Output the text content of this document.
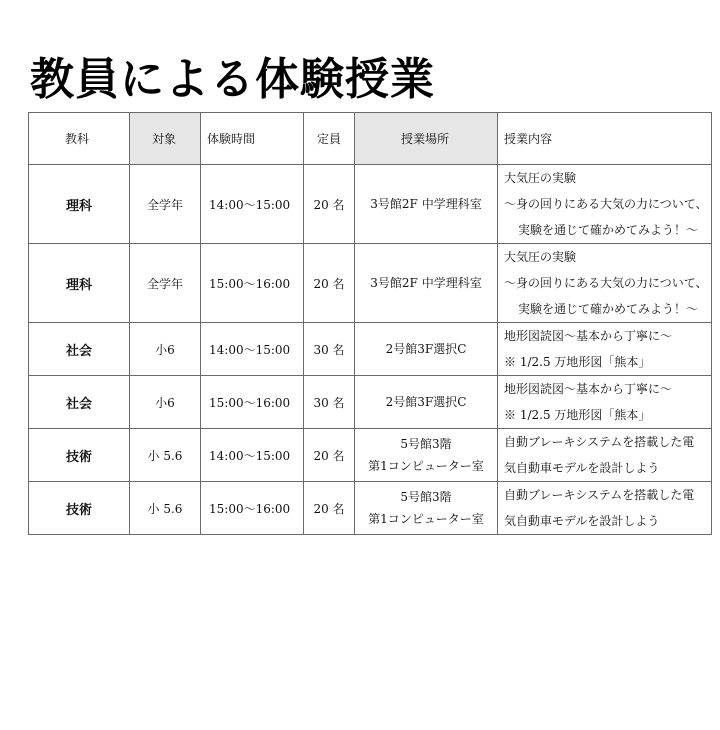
教員による体験授業
教科	対象	体験時間	定員	授業場所	授業内容
理科	全学年	14:00～15:00	20 名	3号館2F 中学理科室	大気圧の実験
～身の回りにある大気の力について、
実験を通じて確かめてみよう！～

理科	全学年	15:00～16:00	20 名	3号館2F 中学理科室	大気圧の実験
～身の回りにある大気の力について、
実験を通じて確かめてみよう！～

社会	小6	14:00～15:00	30 名	2号館3F選択C	地形図読図～基本から丁寧に～
※ 1/2.5 万地形図「熊本」

社会	小6	15:00～16:00	30 名	2号館3F選択C	地形図読図～基本から丁寧に～
※ 1/2.5 万地形図「熊本」

技術	小 5.6	14:00～15:00	20 名	5号館3階
第1コンピューター室	自動ブレーキシステムを搭載した電
気自動車モデルを設計しよう

技術	小 5.6	15:00～16:00	20 名	5号館3階
第1コンピューター室	自動ブレーキシステムを搭載した電
気自動車モデルを設計しよう
